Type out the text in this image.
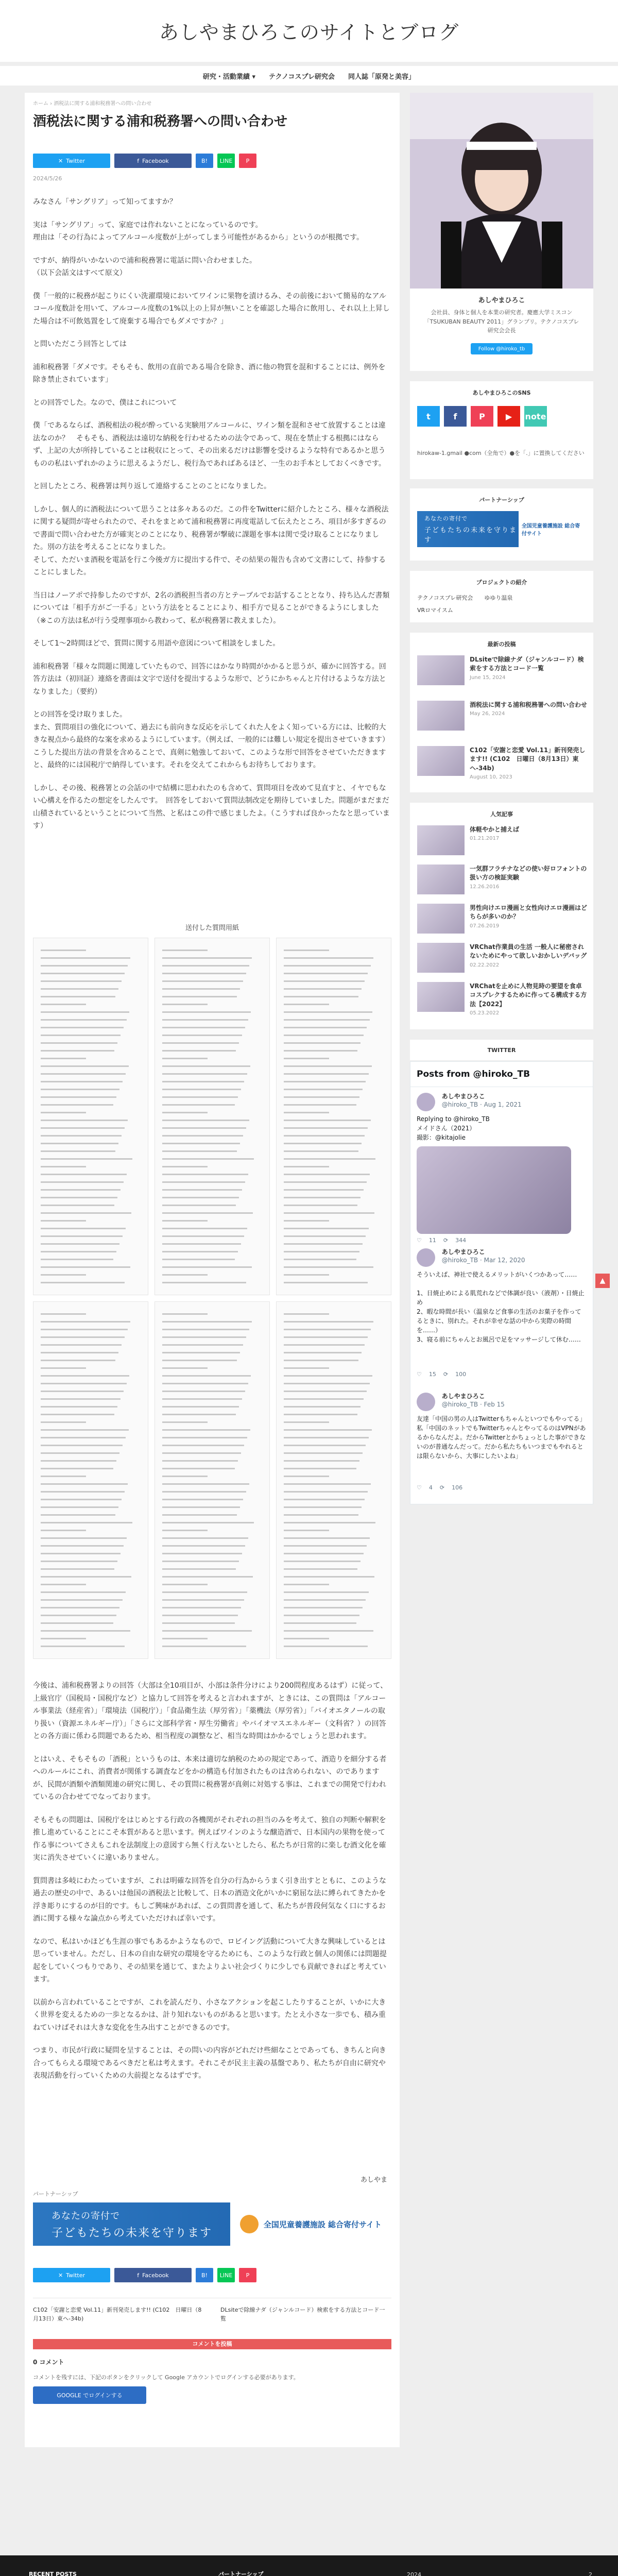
あしやまひろこのサイトとブログ
研究・活動業績 ▾ テクノコスプレ研究会 同人誌「原発と美容」
ホーム › 酒税法に関する浦和税務署への問い合わせ
酒税法に関する浦和税務署への問い合わせ
✕ Twitter	f Facebook	B!	LINE	P
2024/5/26

みなさん「サングリア」って知ってますか？

実は「サングリア」って、家庭では作れないことになっているのです。
理由は「その行為によってアルコール度数が上がってしまう可能性があるから」というのが根拠です。

ですが、納得がいかないので浦和税務署に電話に問い合わせました。
（以下会話文はすべて原文）

僕「一般的に税務が起こりにくい洗濯環境においてワインに果物を漬けるみ、その前後において簡易的なアルコール度数計を用いて、アルコール度数の1%以上の上昇が無いことを確認した場合に飲用し、それ以上上昇した場合は不可飲処置をして廃棄する場合でもダメですか？」

と問いただこう回答としては

浦和税務署「ダメです。そもそも、飲用の直前である場合を除き、酒に他の物質を混和することには、例外を除き禁止されています」

との回答でした。なので、僕はこれについて

僕「であるならば、酒税相法の税が酔っている実験用アルコールに、ワイン類を混和させて放置することは違法なのか？　そもそも、酒税法は遠切な納税を行わせるための法令であって、現在を禁止する根拠にはならず、上記の大が所持していることは税収にとって、その出来るだけは影響を受けるような特有であるかと思うものの私はいずれかのように思えるようだし、税行為であればあるほど、一生のお手本としておくべきです。

と回したところ、税務署は判り返して連絡することのことになりました。

しかし、個人的に酒税法について思うことは多々あるのだ。この件をTwitterに紹介したところ、様々な酒税法に関する疑問が寄せられたので、それをまとめて浦和税務署に再度電話して伝えたところ、項目が多すぎるので書面で問い合わせた方が確実とのことになり、税務署が撃破に課題を事本は関で受け取ることになりました。別の方法を考えることになりました。
そして、ただいま酒税を電話を行こ今後ガ方に提出する件で、その結果の報告も含めて文書にして、持参することにしました。

当日はノーアポで持参したのですが、2名の酒税担当者の方とテーブルでお話することとなり、持ち込んだ書類については「相手方がご一手る」という方法をとることにより、相手方で見ることができるようにしました（※この方法は私が行う受理事項から教わって、私が税務署に教えました）。

そして1〜2時間ほどで、質問に関する用語や意図について相談をしました。

浦和税務署「様々な問題に関連していたもので、回答にはかなり時間がかかると思うが、確かに回答する。回答方法は（初回証）連絡を書面は文字で送付を提出するような形で、どうにかちゃんと片付けるような方法となりました」（要約）

との回答を受け取りました。
また、質問項目の強化について、過去にも前向きな反応を示してくれた人をよく知っている方には、比較的大きな視点から最終的な案を求めるようにしています。（例えば、一般的には難しい規定を提出させていきます）こうした提出方法の背景を含めることで、真剣に勉強しておいて、このような形で回答をさせていただきますと、最終的には国税庁で納得しています。それを交えてこれからもお待ちしております。

しかし、その後、税務署との会話の中で結構に思われたのも含めて、質問項目を改めて見直すと、イヤでもない心構えを作るたの想定をしたんです。　回答をしておいて質問法制改定を期待していました。問題がまだまだ山積されているということについて当然、と私はこの件で感じましたよ。（こうすれば良かったなと思っています）

送付した質問用紙

今後は、浦和税務署よりの回答（大部は全10項目が、小部は条件分けにより200問程度あるはず）に従って、上級官庁（国税局・国税庁など）と協力して回答を考えると言われますが、ときには、この質問は「アルコール事業法（経産省）」「環境法（国税庁）」「食品衛生法（厚労省）」「薬機法（厚労省）」「バイオエタノールの取り扱い（資源エネルギー庁）」「さらに文部科学省・厚生労働省」やバイオマスエネルギー（文科省？）の回答との各方面に係わる問題であるため、相当程度の調整など、相当な時間はかかるでしょうと思われます。

とはいえ、そもそもの「酒税」というものは、本来は適切な納税のための規定であって、酒造りを細分する者へのルールにこれ、消費者が関係する調査などをかの構造も付加されたものは含められない、のでありますが、民間が酒類や酒類関連の研究に関し、その質問に税務署が真剣に対処する事は、これまでの開発で行われているの合わせてでなっております。

そもそもの問題は、国税庁をはじめとする行政の各機関がそれぞれの担当のみを考えて、独自の判断や解釈を推し進めていることにこそ本質があると思います。例えばワインのような醸造酒で、日本国内の果物を使って作る事についてさえもこれを法制度上の意図すら無く行えないとしたら、私たちが日常的に楽しむ酒文化を確実に消失させていくに違いありません。

質問書は多岐にわたっていますが、これは明確な回答を自分の行為からうまく引き出すとともに、このような過去の歴史の中で、あるいは他国の酒税法と比較して、日本の酒造文化がいかに窮屈な法に縛られてきたかを浮き彫りにするのが目的です。もしご興味があれば、この質問書を通して、私たちが普段何気なく口にするお酒に関する様々な論点から考えていただければ幸いです。

なので、私はいかほども生涯の事でもあるかようなもので、ロビイング活動について大きな興味しているとは思っていません。ただし、日本の自由な研究の環境を守るためにも、このような行政と個人の関係には問題提起をしていくつもりであり、その結果を通じて、またよりよい社会づくりに少しでも貢献できればと考えています。

以前から言われていることですが、これを読んだり、小さなアクションを起こしたりすることが、いかに大きく世界を変えるための一歩となるかは、計り知れないものがあると思います。たとえ小さな一歩でも、積み重ねていけばそれは大きな変化を生み出すことができるのです。

つまり、市民が行政に疑問を呈することは、その問いの内容がどれだけ些細なことであっても、きちんと向き合ってもらえる環境であるべきだと私は考えます。それこそが民主主義の基盤であり、私たちが自由に研究や表現活動を行っていくための大前提となるはずです。

あしやま
パートナーシップ
あなたの寄付で
子どもたちの未来を守ります
全国児童養護施設 総合寄付サイト
✕ Twitter	f Facebook	B!	LINE	P
C102「安謝と恋愛 Vol.11」新刊発売します!! (C102　日曜日（8月13日）東ヘ-34b)
DLsiteで除線ナダ（ジャンルコード）検索をする方法とコード一覧
コメントを投稿
0 コメント
コメントを残すには、下記のボタンをクリックして Google アカウントでログインする必要があります。
GOOGLE でログインする
あしやまひろこ
会社員、身体と個人を本業の研究者。慶應大学ミスコン「TSUKUBAN BEAUTY 2011」グランプリ。テクノコスプレ研究会会長
Follow @hiroko_tb
あしやまひろこのSNS
t	f	P	▶	note
hirokaw-1.gmail ●com（全角で）●を「.」に置換してください
パートナーシップ
あなたの寄付で
子どもたちの未来を守ります
全国児童養護施設 総合寄付サイト
プロジェクトの紹介
テクノコスプレ研究会 ゆゆり温泉
VRロマイスム
最新の投稿
DLsiteで除線ナダ（ジャンルコード）検索をする方法とコード一覧
June 15, 2024
酒税法に関する浦和税務署への問い合わせ
May 26, 2024
C102「安謝と恋愛 Vol.11」新刊発売します!! (C102　日曜日（8月13日）東ヘ-34b)
August 10, 2023
人気記事
体軽やかと捕えば
01.21.2017
一気群フラチナなどの使い好ロフォントの扱い方の検証実験
12.26.2016
男性向けエロ漫画と女性向けエロ漫画はどちらが多いのか？
07.26.2019
VRChat作業員の生活 一般人に秘密されないためにやって欲しいおかしいデバッグ
02.22.2022
VRChatを止めに人物見時の要望を食卓コスプレクするために作ってる構成する方法【2022】
05.23.2022
TWITTER
Posts from @hiroko_TB

あしやまひろこ
@hiroko_TB · Aug 1, 2021
Replying to @hiroko_TB
メイドさん（2021）
撮影：@kitajolie
♡ 11 ⟳ 344

あしやまひろこ
@hiroko_TB · Mar 12, 2020
そういえば、神社で使えるメリットがいくつかあって……

1、日焼止めによる肌荒れなどで体調が良い（液剤）・日焼止め
2、暇な時間が長い（温泉など食事の生活のお菓子を作ってるときに、別れた。それが幸せな話の中から実際の時間を……）
3、寝る前にちゃんとお風呂で足をマッサージして休む……
♡ 15 ⟳ 100

あしやまひろこ
@hiroko_TB · Feb 15
友達「中国の男の人はTwitterもちゃんといつでもやってる」
私「中国のネットでもTwitterちゃんとやってるのはVPNがあるからなんだよ。だからTwitterとかちょっとした事ができないのが普通なんだって。だから私たちもいつまでもやれるとは限らないから、大事にしたいよね」
♡ 4 ⟳ 106
▲
RECENT POSTS	パートナーシップ	2024	2
